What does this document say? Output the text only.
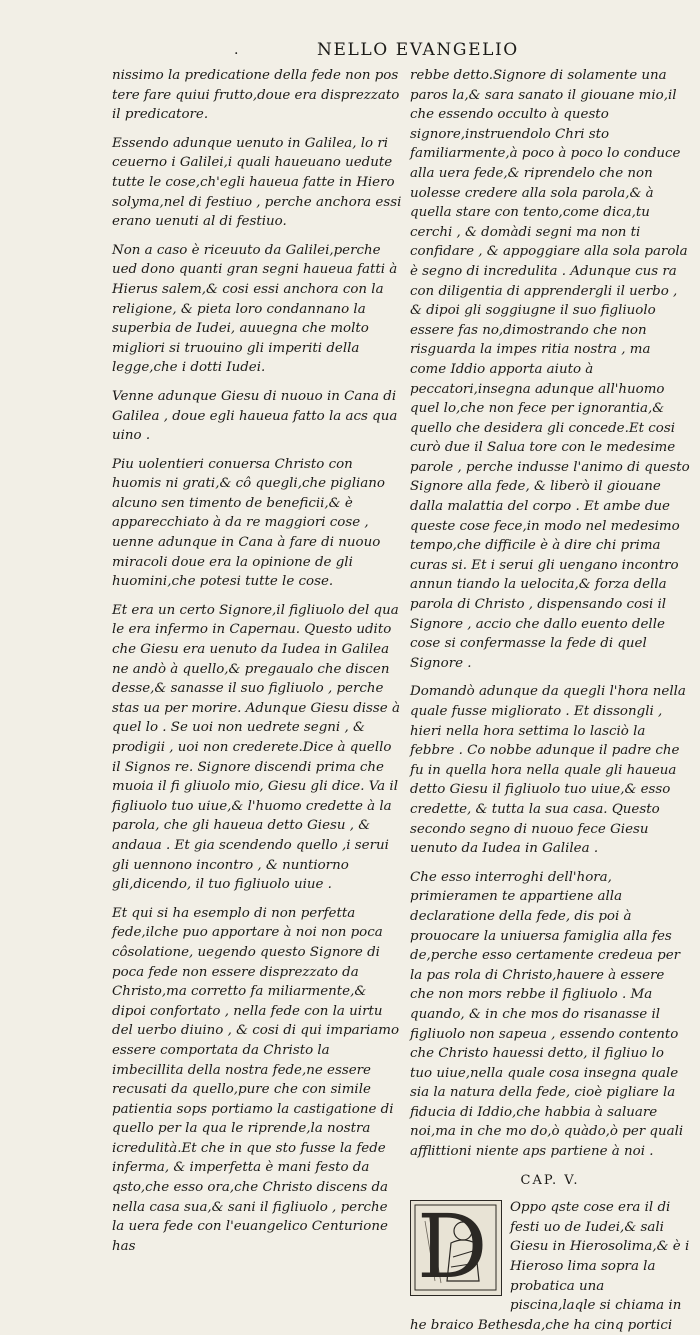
.	NELLO EVANGELIO

nissimo la predicatione della fede non pos tere fare quiui frutto,doue era disprezzato il predicatore.

Essendo adunque uenuto in Galilea, lo ri ceuerno i Galilei,i quali haueuano uedute tutte le cose,ch'egli haueua fatte in Hiero solyma,nel di festiuo , perche anchora essi erano uenuti al di festiuo.

Non a caso è riceuuto da Galilei,perche ued dono quanti gran segni haueua fatti à Hierus salem,& cosi essi anchora con la religione, & pieta loro condannano la superbia de Iudei, auuegna che molto migliori si truouino gli imperiti della legge,che i dotti Iudei.

Venne adunque Giesu di nuouo in Cana di Galilea , doue egli haueua fatto la acs qua uino .

Piu uolentieri conuersa Christo con huomis ni grati,& cô quegli,che pigliano alcuno sen timento de beneficii,& è apparecchiato à da re maggiori cose , uenne adunque in Cana à fare di nuouo miracoli doue era la opinione de gli huomini,che potesi tutte le cose.

Et era un certo Signore,il figliuolo del qua le era infermo in Capernau. Questo udito che Giesu era uenuto da Iudea in Galilea ne andò à quello,& pregaualo che discen desse,& sanasse il suo figliuolo , perche stas ua per morire. Adunque Giesu disse à quel lo . Se uoi non uedrete segni , & prodigii , uoi non crederete.Dice à quello il Signos re. Signore discendi prima che muoia il fi gliuolo mio, Giesu gli dice. Va il figliuolo tuo uiue,& l'huomo credette à la parola, che gli haueua detto Giesu , & andaua . Et gia scendendo quello ,i serui gli uennono incontro , & nuntiorno gli,dicendo, il tuo figliuolo uiue .

Et qui si ha esemplo di non perfetta fede,ilche puo apportare à noi non poca côsolatione, uegendo questo Signore di poca fede non essere disprezzato da Christo,ma corretto fa miliarmente,& dipoi confortato , nella fede con la uirtu del uerbo diuino , & cosi di qui impariamo essere comportata da Christo la imbecillita della nostra fede,ne essere recusati da quello,pure che con simile patientia sops portiamo la castigatione di quello per la qua le riprende,la nostra icredulità.Et che in que sto fusse la fede inferma, & imperfetta è mani festo da qsto,che esso ora,che Christo discens da nella casa sua,& sani il figliuolo , perche la uera fede con l'euangelico Centurione has

rebbe detto.Signore di solamente una paros la,& sara sanato il giouane mio,il che essendo occulto à questo signore,instruendolo Chri sto familiarmente,à poco à poco lo conduce alla uera fede,& riprendelo che non uolesse credere alla sola parola,& à quella stare con tento,come dica,tu cerchi , & domàdi segni ma non ti confidare , & appoggiare alla sola parola è segno di incredulita . Adunque cus ra con diligentia di apprendergli il uerbo , & dipoi gli soggiugne il suo figliuolo essere fas no,dimostrando che non risguarda la impes ritia nostra , ma come Iddio apporta aiuto à peccatori,insegna adunque all'huomo quel lo,che non fece per ignorantia,& quello che desidera gli concede.Et cosi curò due il Salua tore con le medesime parole , perche indusse l'animo di questo Signore alla fede, & liberò il giouane dalla malattia del corpo . Et ambe due queste cose fece,in modo nel medesimo tempo,che difficile è à dire chi prima curas si. Et i serui gli uengano incontro annun tiando la uelocita,& forza della parola di Christo , dispensando cosi il Signore , accio che dallo euento delle cose si confermasse la fede di quel Signore .

Domandò adunque da quegli l'hora nella quale fusse migliorato . Et dissongli , hieri nella hora settima lo lasciò la febbre . Co nobbe adunque il padre che fu in quella hora nella quale gli haueua detto Giesu il figliuolo tuo uiue,& esso credette, & tutta la sua casa. Questo secondo segno di nuouo fece Giesu uenuto da Iudea in Galilea .

Che esso interroghi dell'hora, primieramen te appartiene alla declaratione della fede, dis poi à prouocare la uniuersa famiglia alla fes de,perche esso certamente credeua per la pas rola di Christo,hauere à essere che non mors rebbe il figliuolo . Ma quando, & in che mos do risanasse il figliuolo non sapeua , essendo contento che Christo hauessi detto, il figliuo lo tuo uiue,nella quale cosa insegna quale sia la natura della fede, cioè pigliare la fiducia di Iddio,che habbia à saluare noi,ma in che mo do,ò quàdo,ò per quali afflittioni niente aps partiene à noi .

CAP. V.
D Oppo qste cose era il di festi uo de Iudei,& sali Giesu in Hierosolima,& è i Hieroso lima sopra la probatica una piscina,laqle si chiama in he braico Bethesda,che ha cinq portici
